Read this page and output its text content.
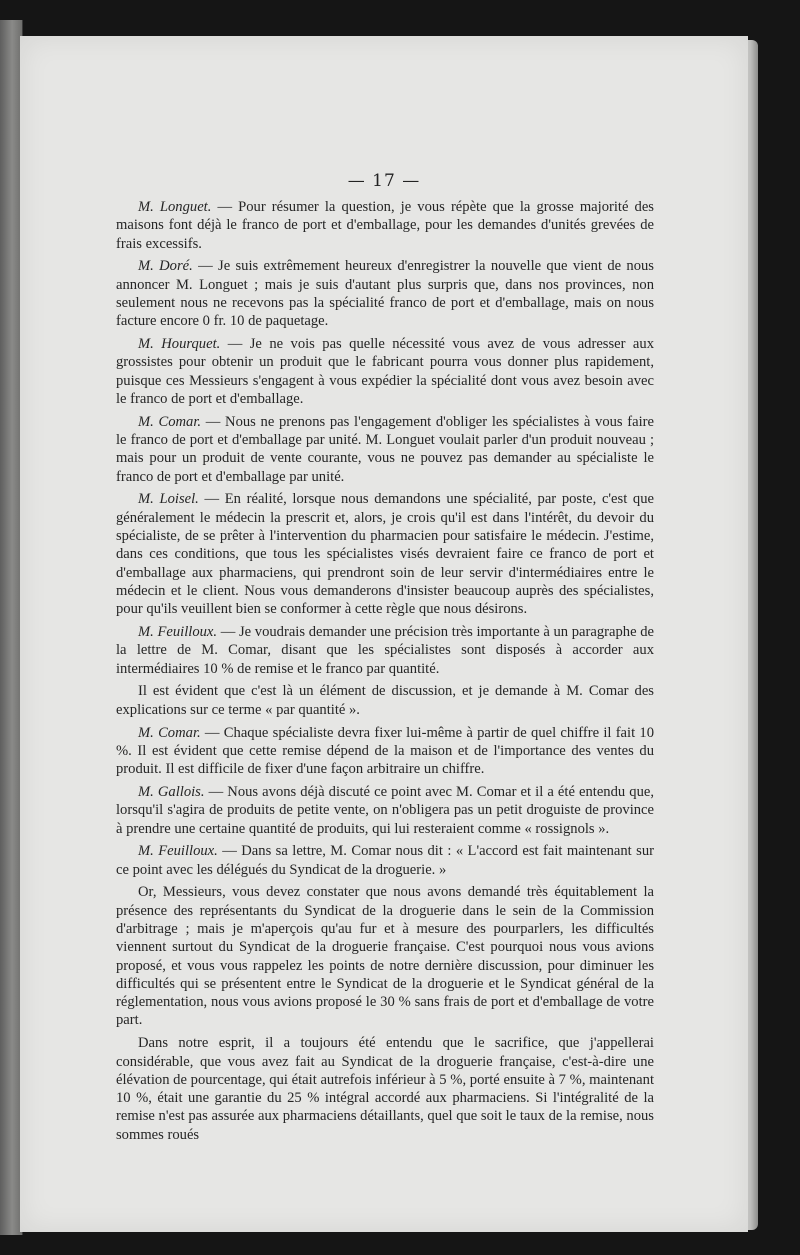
— 17 —

M. Longuet. — Pour résumer la question, je vous répète que la grosse majorité des maisons font déjà le franco de port et d'emballage, pour les demandes d'unités grevées de frais excessifs.

M. Doré. — Je suis extrêmement heureux d'enregistrer la nouvelle que vient de nous annoncer M. Longuet ; mais je suis d'autant plus surpris que, dans nos provinces, non seulement nous ne recevons pas la spécialité franco de port et d'emballage, mais on nous facture encore 0 fr. 10 de paquetage.

M. Hourquet. — Je ne vois pas quelle nécessité vous avez de vous adresser aux grossistes pour obtenir un produit que le fabricant pourra vous donner plus rapidement, puisque ces Messieurs s'engagent à vous expédier la spécialité dont vous avez besoin avec le franco de port et d'emballage.

M. Comar. — Nous ne prenons pas l'engagement d'obliger les spécialistes à vous faire le franco de port et d'emballage par unité. M. Longuet voulait parler d'un produit nouveau ; mais pour un produit de vente courante, vous ne pouvez pas demander au spécialiste le franco de port et d'emballage par unité.

M. Loisel. — En réalité, lorsque nous demandons une spécialité, par poste, c'est que généralement le médecin la prescrit et, alors, je crois qu'il est dans l'intérêt, du devoir du spécialiste, de se prêter à l'intervention du pharmacien pour satisfaire le médecin. J'estime, dans ces conditions, que tous les spécialistes visés devraient faire ce franco de port et d'emballage aux pharmaciens, qui prendront soin de leur servir d'intermédiaires entre le médecin et le client. Nous vous demanderons d'insister beaucoup auprès des spécialistes, pour qu'ils veuillent bien se conformer à cette règle que nous désirons.

M. Feuilloux. — Je voudrais demander une précision très importante à un paragraphe de la lettre de M. Comar, disant que les spécialistes sont disposés à accorder aux intermédiaires 10 % de remise et le franco par quantité.

Il est évident que c'est là un élément de discussion, et je demande à M. Comar des explications sur ce terme « par quantité ».

M. Comar. — Chaque spécialiste devra fixer lui-même à partir de quel chiffre il fait 10 %. Il est évident que cette remise dépend de la maison et de l'importance des ventes du produit. Il est difficile de fixer d'une façon arbitraire un chiffre.

M. Gallois. — Nous avons déjà discuté ce point avec M. Comar et il a été entendu que, lorsqu'il s'agira de produits de petite vente, on n'obligera pas un petit droguiste de province à prendre une certaine quantité de produits, qui lui resteraient comme « rossignols ».

M. Feuilloux. — Dans sa lettre, M. Comar nous dit : « L'accord est fait maintenant sur ce point avec les délégués du Syndicat de la droguerie. »

Or, Messieurs, vous devez constater que nous avons demandé très équitablement la présence des représentants du Syndicat de la droguerie dans le sein de la Commission d'arbitrage ; mais je m'aperçois qu'au fur et à mesure des pourparlers, les difficultés viennent surtout du Syndicat de la droguerie française. C'est pourquoi nous vous avions proposé, et vous vous rappelez les points de notre dernière discussion, pour diminuer les difficultés qui se présentent entre le Syndicat de la droguerie et le Syndicat général de la réglementation, nous vous avions proposé le 30 % sans frais de port et d'emballage de votre part.

Dans notre esprit, il a toujours été entendu que le sacrifice, que j'appellerai considérable, que vous avez fait au Syndicat de la droguerie française, c'est-à-dire une élévation de pourcentage, qui était autrefois inférieur à 5 %, porté ensuite à 7 %, maintenant 10 %, était une garantie du 25 % intégral accordé aux pharmaciens. Si l'intégralité de la remise n'est pas assurée aux pharmaciens détaillants, quel que soit le taux de la remise, nous sommes roués
